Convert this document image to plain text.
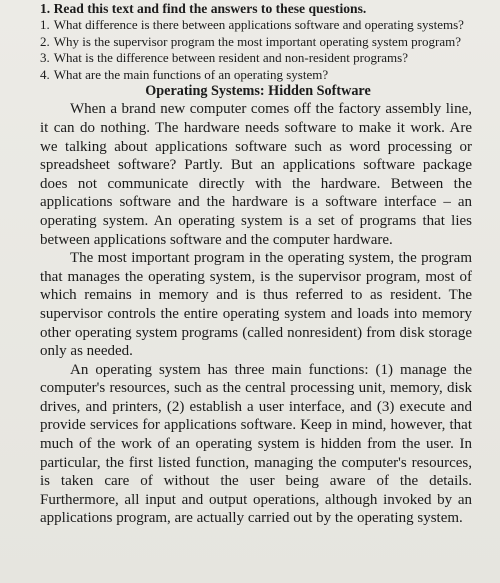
1. Read this text and find the answers to these questions.
1. What difference is there between applications software and operating systems?
2. Why is the supervisor program the most important operating system program?
3. What is the difference between resident and non-resident programs?
4. What are the main functions of an operating system?
Operating Systems: Hidden Software

When a brand new computer comes off the factory assembly line, it can do nothing. The hardware needs software to make it work. Are we talking about applications software such as word processing or spreadsheet software? Partly. But an applications software package does not communicate directly with the hardware. Between the applications software and the hardware is a software interface – an operating system. An operating system is a set of programs that lies between applications software and the computer hardware.

The most important program in the operating system, the program that manages the operating system, is the supervisor program, most of which remains in memory and is thus referred to as resident. The supervisor controls the entire operating system and loads into memory other operating system programs (called nonresident) from disk storage only as needed.

An operating system has three main functions: (1) manage the computer's resources, such as the central processing unit, memory, disk drives, and printers, (2) establish a user interface, and (3) execute and provide services for applications software. Keep in mind, however, that much of the work of an operating system is hidden from the user. In particular, the first listed function, managing the computer's resources, is taken care of without the user being aware of the details. Furthermore, all input and output operations, although invoked by an applications program, are actually carried out by the operating system.
